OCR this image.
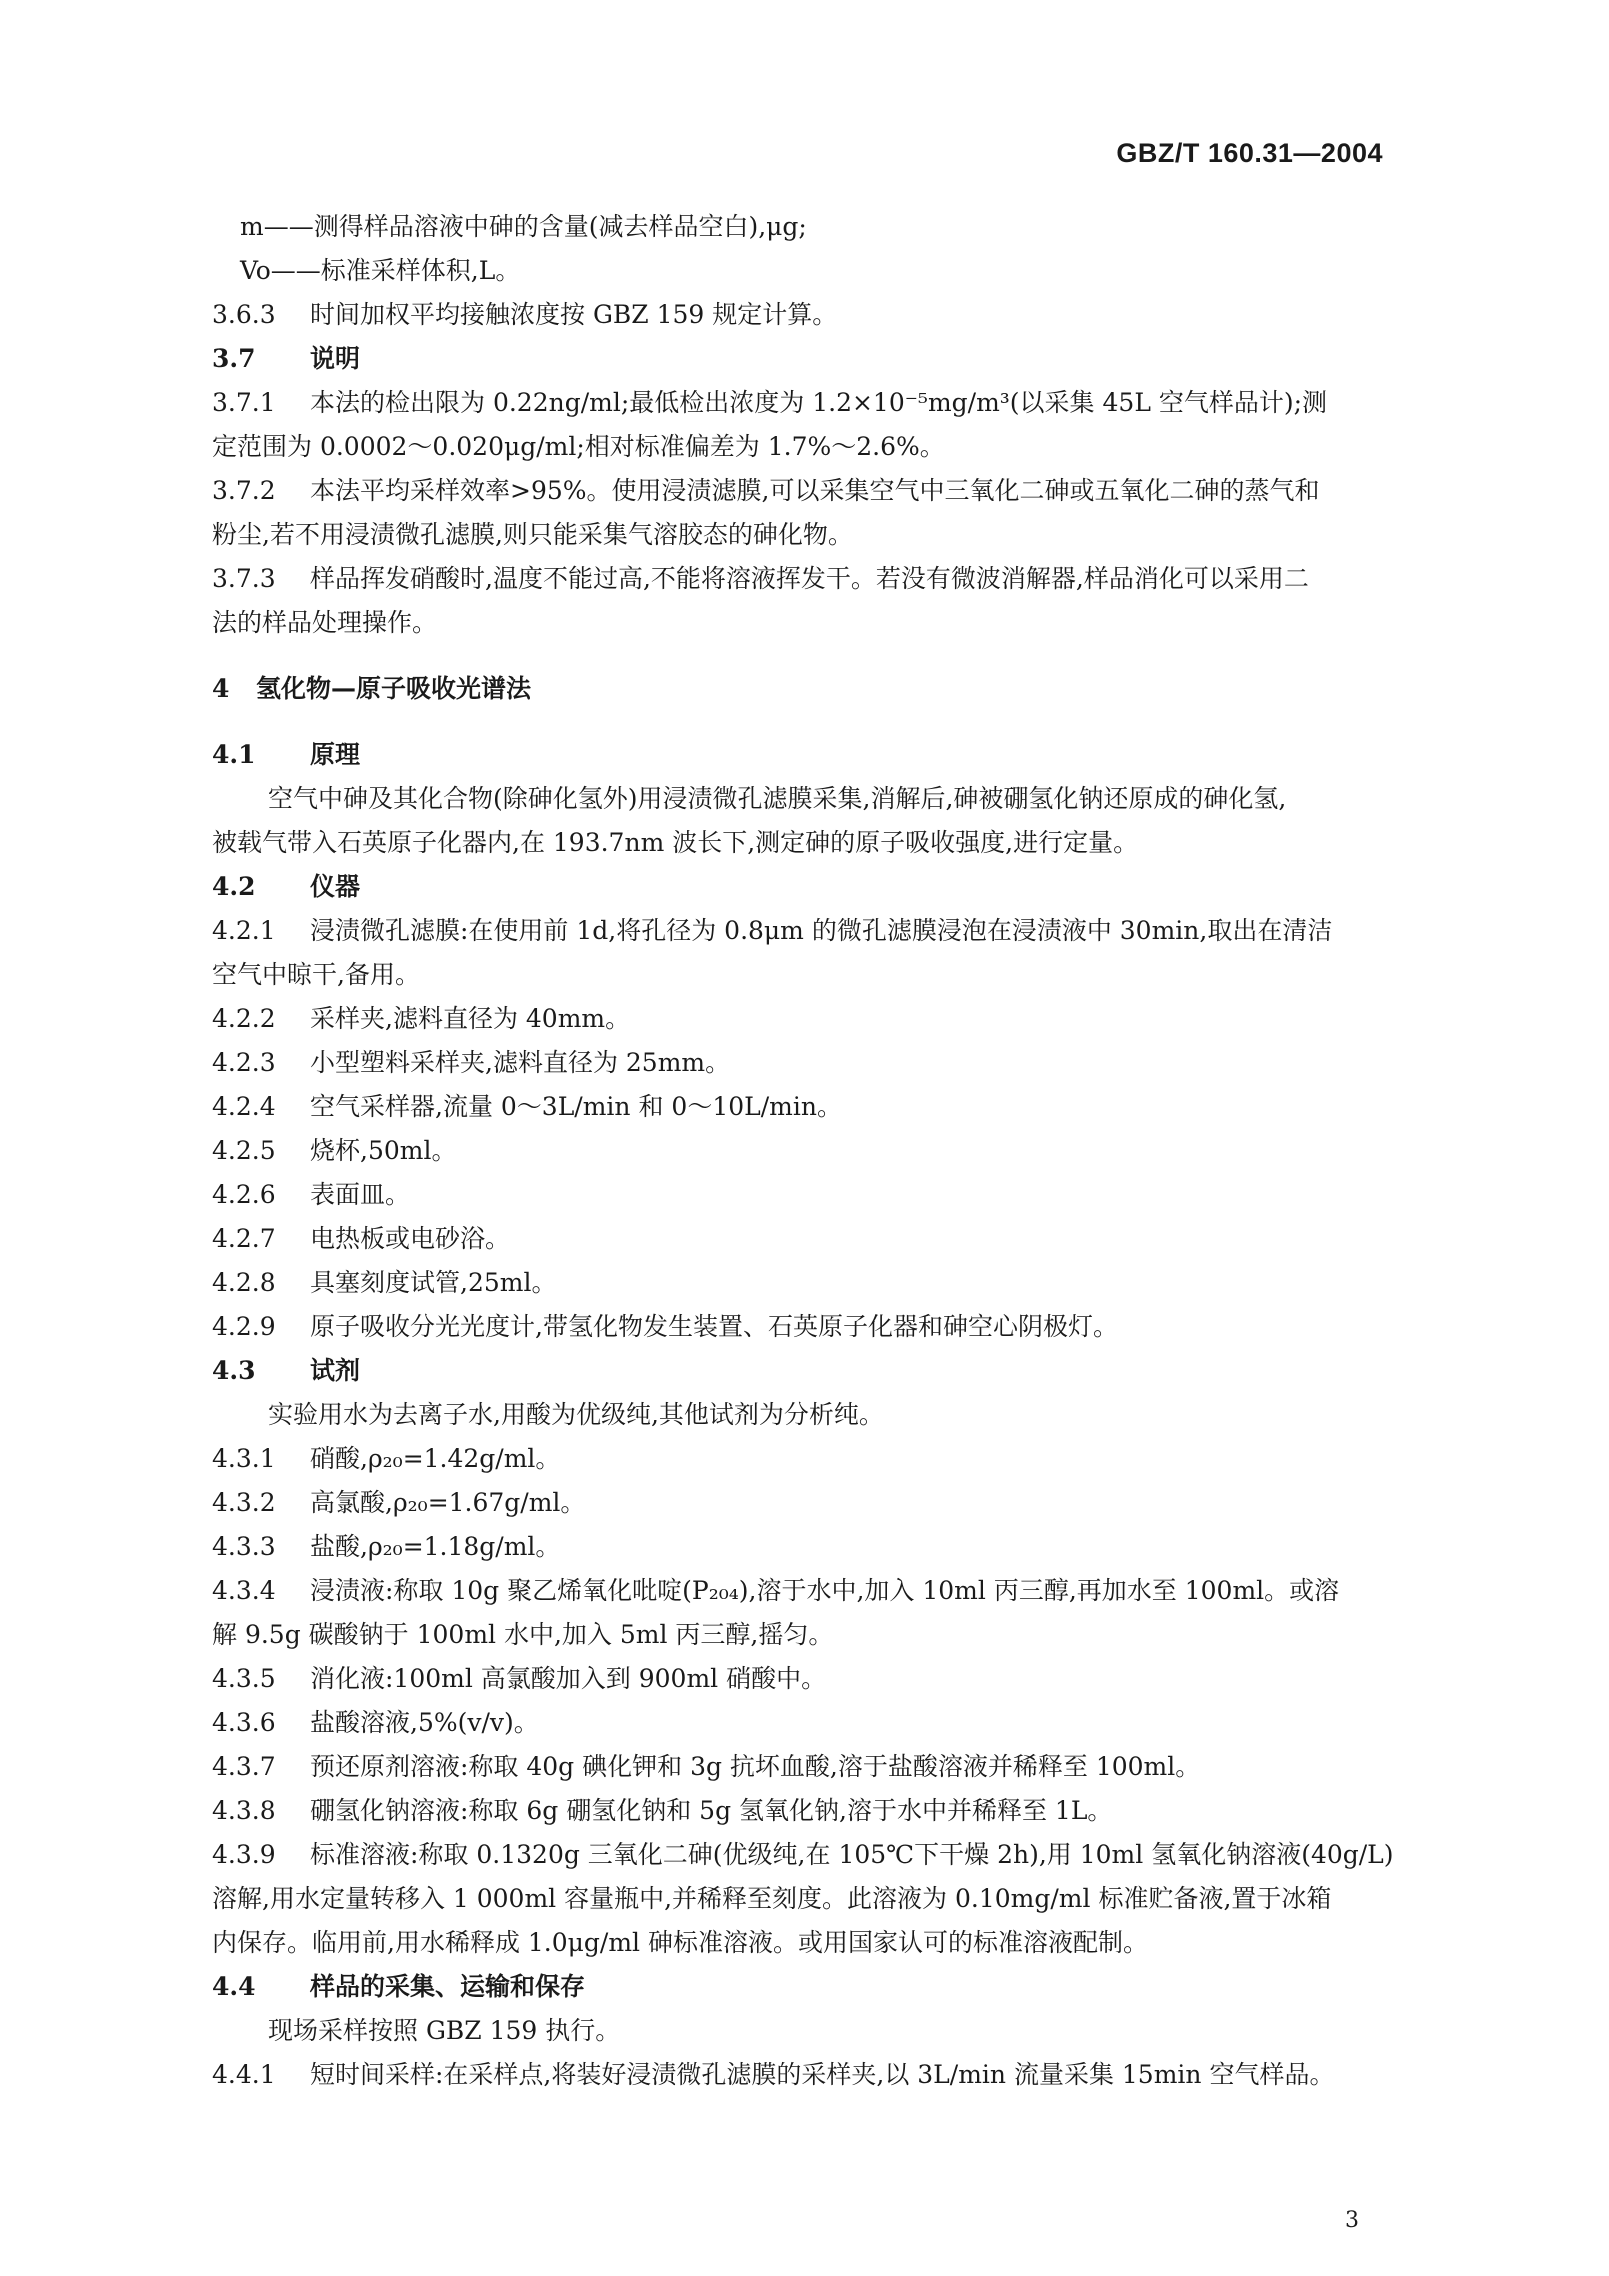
GBZ/T 160.31—2004

m——测得样品溶液中砷的含量(减去样品空白),μg;

Vo——标准采样体积,L。

3.6.3 时间加权平均接触浓度按 GBZ 159 规定计算。

3.7 说明

3.7.1 本法的检出限为 0.22ng/ml;最低检出浓度为 1.2×10⁻⁵mg/m³(以采集 45L 空气样品计);测

定范围为 0.0002～0.020μg/ml;相对标准偏差为 1.7%～2.6%。

3.7.2 本法平均采样效率>95%。使用浸渍滤膜,可以采集空气中三氧化二砷或五氧化二砷的蒸气和

粉尘,若不用浸渍微孔滤膜,则只能采集气溶胶态的砷化物。

3.7.3 样品挥发硝酸时,温度不能过高,不能将溶液挥发干。若没有微波消解器,样品消化可以采用二

法的样品处理操作。

4 氢化物—原子吸收光谱法

4.1 原理

空气中砷及其化合物(除砷化氢外)用浸渍微孔滤膜采集,消解后,砷被硼氢化钠还原成的砷化氢,

被载气带入石英原子化器内,在 193.7nm 波长下,测定砷的原子吸收强度,进行定量。

4.2 仪器

4.2.1 浸渍微孔滤膜:在使用前 1d,将孔径为 0.8μm 的微孔滤膜浸泡在浸渍液中 30min,取出在清洁

空气中晾干,备用。

4.2.2 采样夹,滤料直径为 40mm。

4.2.3 小型塑料采样夹,滤料直径为 25mm。

4.2.4 空气采样器,流量 0～3L/min 和 0～10L/min。

4.2.5 烧杯,50ml。

4.2.6 表面皿。

4.2.7 电热板或电砂浴。

4.2.8 具塞刻度试管,25ml。

4.2.9 原子吸收分光光度计,带氢化物发生装置、石英原子化器和砷空心阴极灯。

4.3 试剂

实验用水为去离子水,用酸为优级纯,其他试剂为分析纯。

4.3.1 硝酸,ρ₂₀=1.42g/ml。

4.3.2 高氯酸,ρ₂₀=1.67g/ml。

4.3.3 盐酸,ρ₂₀=1.18g/ml。

4.3.4 浸渍液:称取 10g 聚乙烯氧化吡啶(P₂₀₄),溶于水中,加入 10ml 丙三醇,再加水至 100ml。或溶

解 9.5g 碳酸钠于 100ml 水中,加入 5ml 丙三醇,摇匀。

4.3.5 消化液:100ml 高氯酸加入到 900ml 硝酸中。

4.3.6 盐酸溶液,5%(v/v)。

4.3.7 预还原剂溶液:称取 40g 碘化钾和 3g 抗坏血酸,溶于盐酸溶液并稀释至 100ml。

4.3.8 硼氢化钠溶液:称取 6g 硼氢化钠和 5g 氢氧化钠,溶于水中并稀释至 1L。

4.3.9 标准溶液:称取 0.1320g 三氧化二砷(优级纯,在 105℃下干燥 2h),用 10ml 氢氧化钠溶液(40g/L)

溶解,用水定量转移入 1 000ml 容量瓶中,并稀释至刻度。此溶液为 0.10mg/ml 标准贮备液,置于冰箱

内保存。临用前,用水稀释成 1.0μg/ml 砷标准溶液。或用国家认可的标准溶液配制。

4.4 样品的采集、运输和保存

现场采样按照 GBZ 159 执行。

4.4.1 短时间采样:在采样点,将装好浸渍微孔滤膜的采样夹,以 3L/min 流量采集 15min 空气样品。

3
